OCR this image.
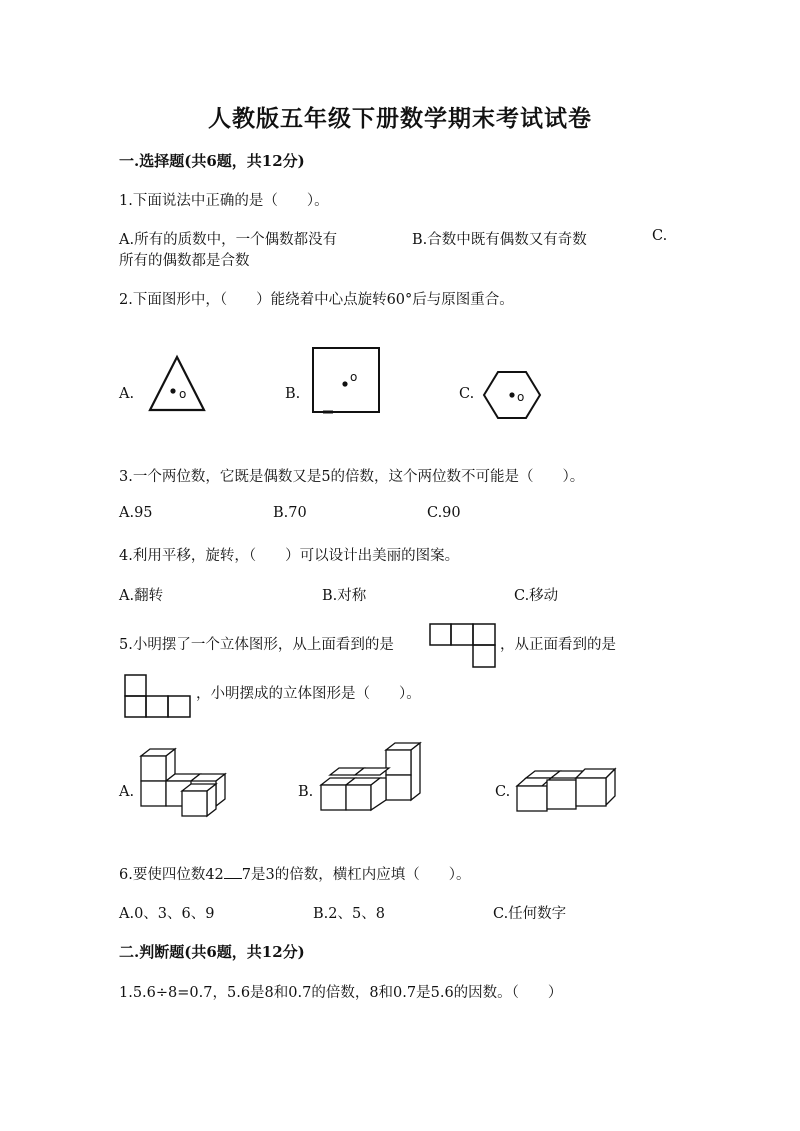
人教版五年级下册数学期末考试试卷
一.选择题(共6题，共12分)
1.下面说法中正确的是（　　）。
A.所有的质数中，一个偶数都没有	B.合数中既有偶数又有奇数	C.
所有的偶数都是合数
2.下面图形中，（　　）能绕着中心点旋转60°后与原图重合。
A.	o	B.
o
C.	o
3.一个两位数，它既是偶数又是5的倍数，这个两位数不可能是（　　）。
A.95	B.70	C.90
4.利用平移，旋转，（　　）可以设计出美丽的图案。
A.翻转	B.对称	C.移动
5.小明摆了一个立体图形，从上面看到的是	，从正面看到的是
，小明摆成的立体图形是（　　）。
A.	B.	C.
6.要使四位数42 7是3的倍数，横杠内应填（　　）。
A.0、3、6、9	B.2、5、8	C.任何数字
二.判断题(共6题，共12分)
1.5.6÷8=0.7，5.6是8和0.7的倍数，8和0.7是5.6的因数。（　　）
